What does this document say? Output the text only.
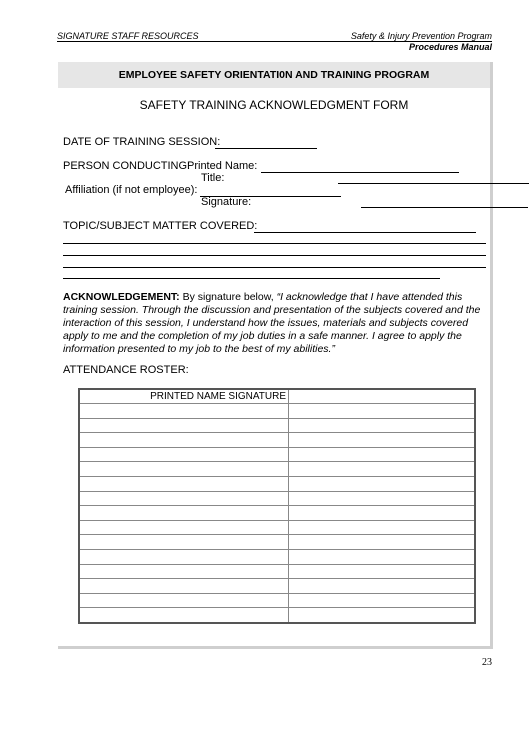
SIGNATURE STAFF RESOURCES	Safety & Injury Prevention Program
Procedures Manual
EMPLOYEE SAFETY ORIENTATI0N AND TRAINING PROGRAM
SAFETY TRAINING ACKNOWLEDGMENT FORM
DATE OF TRAINING SESSION:
PERSON CONDUCTING:
Printed Name:
Title:
Affiliation (if not employee):
Signature:
TOPIC/SUBJECT MATTER COVERED:
ACKNOWLEDGEMENT: By signature below, “I acknowledge that I have attended this training session. Through the discussion and presentation of the subjects covered and the interaction of this session, I understand how the issues, materials and subjects covered apply to me and the completion of my job duties in a safe manner. I agree to apply the information presented to my job to the best of my abilities.”
ATTENDANCE ROSTER:
PRINTED NAME SIGNATURE	

23
